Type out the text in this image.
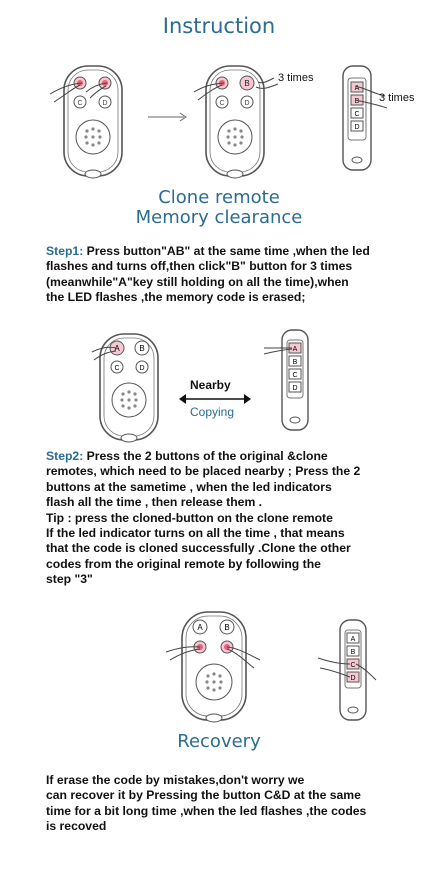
Instruction
C	D
B
C	D
3 times
A
B
C
D
3 times
Clone remote
Memory clearance
Step1: Press button"AB" at the same time ,when the led
flashes and turns off,then click"B" button for 3 times
(meanwhile"A"key still holding on all the time),when
the LED flashes ,the memory code is erased;
A B
C	D
Nearby
Copying
A
B
C
D
Step2: Press the 2 buttons of the original &clone
remotes, which need to be placed nearby ; Press the 2
buttons at the sametime , when the led indicators
flash all the time , then release them .
Tip : press the cloned-button on the clone remote
If the led indicator turns on all the time , that means
that the code is cloned successfully .Clone the other
codes from the original remote by following the
step "3"
A	B
A
B
C
D
Recovery
If erase the code by mistakes,don't worry we
can recover it by Pressing the button C&D at the same
time for a bit long time ,when the led flashes ,the codes
is recoved
